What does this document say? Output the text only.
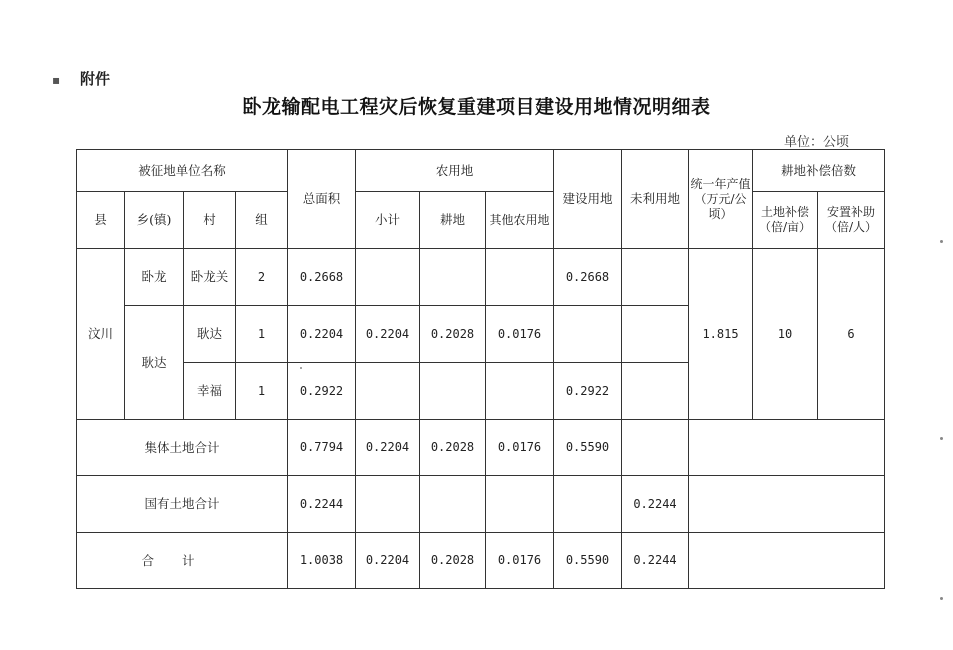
▪ 附件
卧龙输配电工程灾后恢复重建项目建设用地情况明细表
单位：公顷
被征地单位名称				总面积	农用地			建设用地	未利用地	统一年产值（万元/公顷）	耕地补偿倍数	
县	乡(镇)	村	组		小计	耕地	其他农用地				土地补偿（倍/亩）	安置补助（倍/人）
汶川	卧龙	卧龙关	2	0.2668				0.2668		1.815	10	6
	耿达	耿达	1	0.2204	0.2204	0.2028	0.0176					
		幸福	1	0.2922				0.2922				
集体土地合计				0.7794	0.2204	0.2028	0.0176	0.5590				
国有土地合计				0.2244					0.2244			
合计				1.0038	0.2204	0.2028	0.0176	0.5590	0.2244			
